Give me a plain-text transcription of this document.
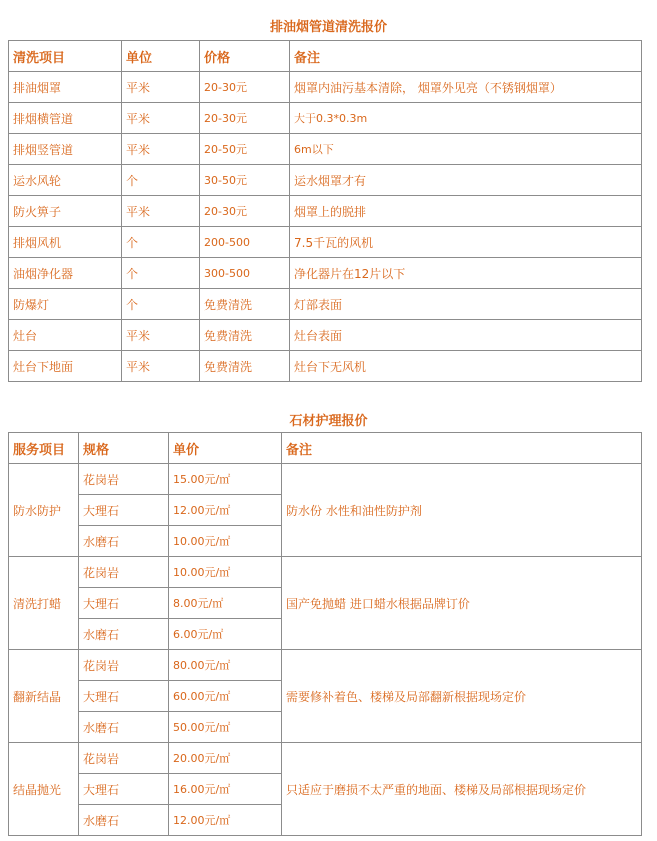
排油烟管道清洗报价
清洗项目	单位	价格	备注
排油烟罩	平米	20-30元	烟罩内油污基本清除， 烟罩外见亮（不锈钢烟罩）
排烟横管道	平米	20-30元	大于0.3*0.3m
排烟竖管道	平米	20-50元	6m以下
运水风轮	个	30-50元	运水烟罩才有
防火箅子	平米	20-30元	烟罩上的脱排
排烟风机	个	200-500	7.5千瓦的风机
油烟净化器	个	300-500	净化器片在12片以下
防爆灯	个	免费清洗	灯部表面
灶台	平米	免费清洗	灶台表面
灶台下地面	平米	免费清洗	灶台下无风机
石材护理报价
服务项目	规格	单价	备注
防水防护	花岗岩	15.00元/㎡	防水份 水性和油性防护剂
	大理石	12.00元/㎡	
	水磨石	10.00元/㎡	
清洗打蜡	花岗岩	10.00元/㎡	国产免抛蜡 进口蜡水根据品牌订价
	大理石	8.00元/㎡	
	水磨石	6.00元/㎡	
翻新结晶	花岗岩	80.00元/㎡	需要修补着色、楼梯及局部翻新根据现场定价
	大理石	60.00元/㎡	
	水磨石	50.00元/㎡	
结晶抛光	花岗岩	20.00元/㎡	只适应于磨损不太严重的地面、楼梯及局部根据现场定价
	大理石	16.00元/㎡	
	水磨石	12.00元/㎡	
